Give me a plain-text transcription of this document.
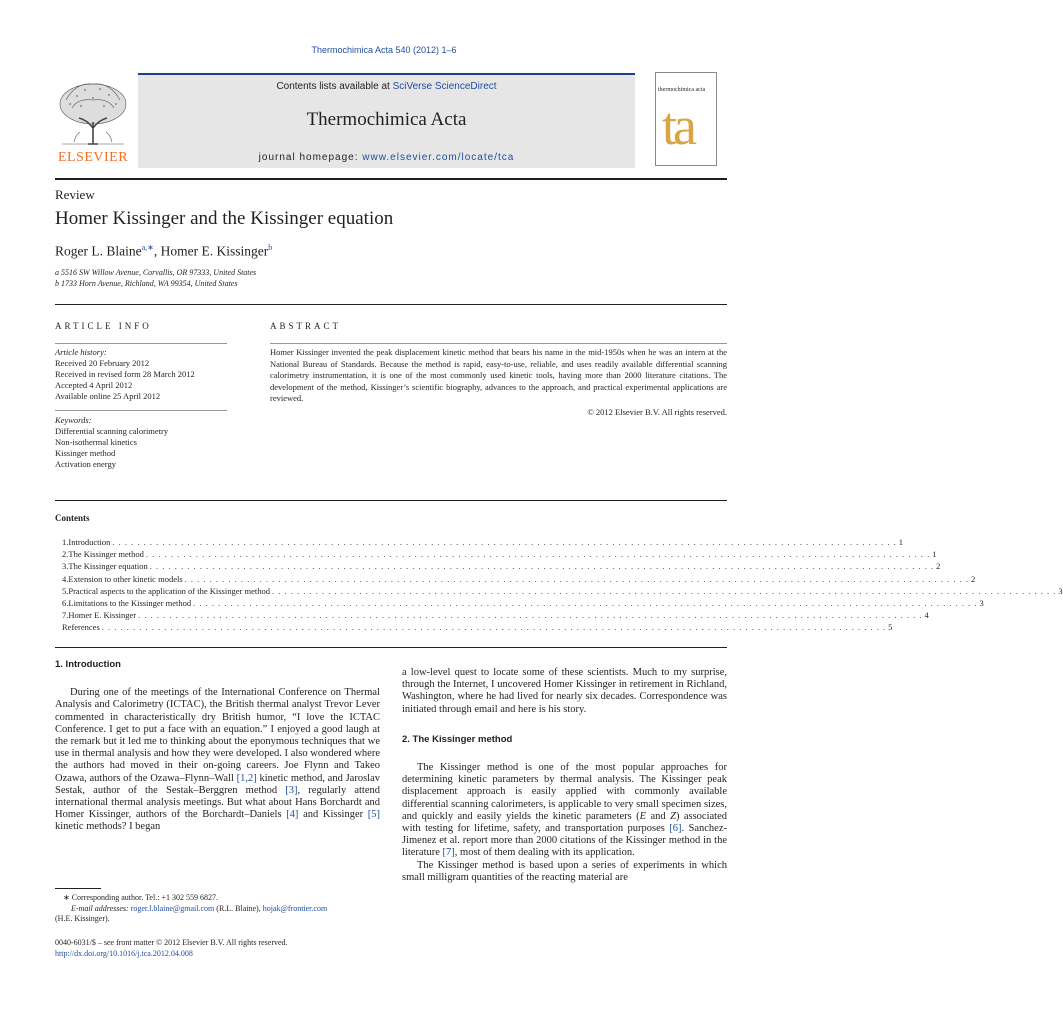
Thermochimica Acta 540 (2012) 1–6
ELSEVIER
Contents lists available at SciVerse ScienceDirect
Thermochimica Acta
journal homepage: www.elsevier.com/locate/tca
thermochimica acta
ta
Review
Homer Kissinger and the Kissinger equation
Roger L. Blaine$^{a,∗}$, Homer E. Kissinger$^b$
a 5516 SW Willow Avenue, Corvallis, OR 97333, United States
b 1733 Horn Avenue, Richland, WA 99354, United States
ARTICLE INFO
Article history:
Received 20 February 2012
Received in revised form 28 March 2012
Accepted 4 April 2012
Available online 25 April 2012
Keywords:
Differential scanning calorimetry
Non-isothermal kinetics
Kissinger method
Activation energy
ABSTRACT
Homer Kissinger invented the peak displacement kinetic method that bears his name in the mid-1950s when he was an intern at the National Bureau of Standards. Because the method is rapid, easy-to-use, reliable, and uses readily available differential scanning calorimetry instrumentation, it is one of the most commonly used kinetic tools, having more than 2000 literature citations. The development of the method, Kissinger’s scientific biography, advances to the approach, and practical experimental applications are reviewed.
© 2012 Elsevier B.V. All rights reserved.
Contents
1. Introduction . . . . . . . . . . . . . . . . . . . . . . . . . . . . . . . . . . . . . . . . . . . . . . . . . . . . . . . . . . . . . . . . . . . . . . . . . . . . . . . . . . . . . . . . . . . . . . . . . . . . . . . . . . . . . . . . . . . . . . . . . . . . . . 1
2. The Kissinger method . . . . . . . . . . . . . . . . . . . . . . . . . . . . . . . . . . . . . . . . . . . . . . . . . . . . . . . . . . . . . . . . . . . . . . . . . . . . . . . . . . . . . . . . . . . . . . . . . . . . . . . . . . . . . . . . . . . . . . . . . . . . . . 1
3. The Kissinger equation . . . . . . . . . . . . . . . . . . . . . . . . . . . . . . . . . . . . . . . . . . . . . . . . . . . . . . . . . . . . . . . . . . . . . . . . . . . . . . . . . . . . . . . . . . . . . . . . . . . . . . . . . . . . . . . . . . . . . . . . . . . . . . 2
4. Extension to other kinetic models . . . . . . . . . . . . . . . . . . . . . . . . . . . . . . . . . . . . . . . . . . . . . . . . . . . . . . . . . . . . . . . . . . . . . . . . . . . . . . . . . . . . . . . . . . . . . . . . . . . . . . . . . . . . . . . . . . . . . . . . . . . . . . 2
5. Practical aspects to the application of the Kissinger method . . . . . . . . . . . . . . . . . . . . . . . . . . . . . . . . . . . . . . . . . . . . . . . . . . . . . . . . . . . . . . . . . . . . . . . . . . . . . . . . . . . . . . . . . . . . . . . . . . . . . . . . . . . . . . . . . . . . . . . . . . . . . . 3
6. Limitations to the Kissinger method . . . . . . . . . . . . . . . . . . . . . . . . . . . . . . . . . . . . . . . . . . . . . . . . . . . . . . . . . . . . . . . . . . . . . . . . . . . . . . . . . . . . . . . . . . . . . . . . . . . . . . . . . . . . . . . . . . . . . . . . . . . . . . 3
7. Homer E. Kissinger . . . . . . . . . . . . . . . . . . . . . . . . . . . . . . . . . . . . . . . . . . . . . . . . . . . . . . . . . . . . . . . . . . . . . . . . . . . . . . . . . . . . . . . . . . . . . . . . . . . . . . . . . . . . . . . . . . . . . . . . . . . . . . 4
References . . . . . . . . . . . . . . . . . . . . . . . . . . . . . . . . . . . . . . . . . . . . . . . . . . . . . . . . . . . . . . . . . . . . . . . . . . . . . . . . . . . . . . . . . . . . . . . . . . . . . . . . . . . . . . . . . . . . . . . . . . . . . . 5
1. Introduction

During one of the meetings of the International Conference on Thermal Analysis and Calorimetry (ICTAC), the British thermal analyst Trevor Lever commented in characteristically dry British humor, “I love the ICTAC Conference. I get to put a face with an equation.” I enjoyed a good laugh at the remark but it led me to thinking about the eponymous techniques that we use in thermal analysis and how they were developed. I also wondered where the authors had moved in their on-going careers. Joe Flynn and Takeo Ozawa, authors of the Ozawa–Flynn–Wall [1,2] kinetic method, and Jaroslav Sestak, author of the Sestak–Berggren method [3], regularly attend international thermal analysis meetings. But what about Hans Borchardt and Homer Kissinger, authors of the Borchardt–Daniels [4] and Kissinger [5] kinetic methods? I began

a low-level quest to locate some of these scientists. Much to my surprise, through the Internet, I uncovered Homer Kissinger in retirement in Richland, Washington, where he had lived for nearly six decades. Correspondence was initiated through email and here is his story.

2. The Kissinger method

The Kissinger method is one of the most popular approaches for determining kinetic parameters by thermal analysis. The Kissinger peak displacement approach is easily applied with commonly available differential scanning calorimeters, is applicable to very small specimen sizes, and quickly and easily yields the kinetic parameters (E and Z) associated with testing for lifetime, safety, and transportation purposes [6]. Sanchez-Jimenez et al. report more than 2000 citations of the Kissinger method in the literature [7], most of them dealing with its application.

The Kissinger method is based upon a series of experiments in which small milligram quantities of the reacting material are

∗ Corresponding author. Tel.: +1 302 559 6827.
E-mail addresses: roger.l.blaine@gmail.com (R.L. Blaine), hojak@frontier.com
(H.E. Kissinger).
0040-6031/$ – see front matter © 2012 Elsevier B.V. All rights reserved.
http://dx.doi.org/10.1016/j.tca.2012.04.008
